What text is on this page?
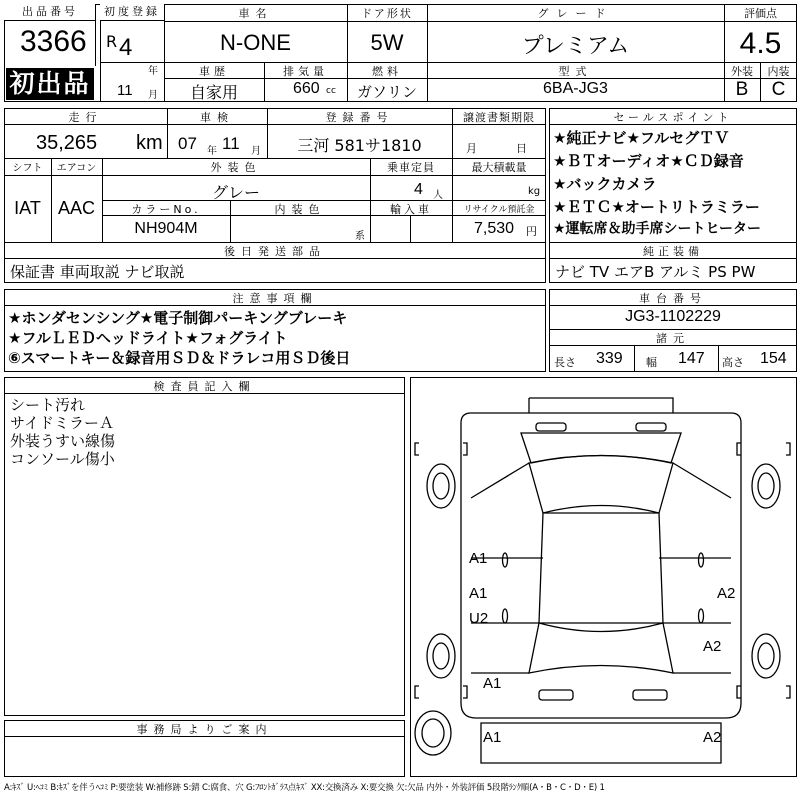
出品番号
3366
初出品
初度登録
R 4
年
11 月
車名
N-ONE
ドア形状
5W
グレード
プレミアム
車歴
自家用
排気量
660 cc
燃料
ガソリン
型式
6BA-JG3
評価点
4.5
外装	内装
B	C
走行
35,265 km
車検
07 年 11 月
登録番号
三河 581サ1810
譲渡書類期限
月	日
シフト	エアコン
IAT AAC
外装色
グレー
乗車定員
4 人
最大積載量
kg
カラーNo.
NH904M
内装色
系
輸入車	リサイクル預託金
7,530 円
後日発送部品
保証書 車両取説 ナビ取説
セールスポイント
★純正ナビ★フルセグＴＶ
★ＢＴオーディオ★ＣＤ録音
★バックカメラ
★ＥＴＣ★オートリトラミラー
★運転席＆助手席シートヒーター
純正装備
ナビ TV エアB アルミ PS PW
注意事項欄
★ホンダセンシング★電子制御パーキングブレーキ
★フルＬＥＤヘッドライト★フォグライト
⑥スマートキー＆録音用ＳＤ＆ドラレコ用ＳＤ後日
車台番号
JG3-1102229
諸元
長さ 339 幅 147 高さ 154
検査員記入欄
シート汚れ
サイドミラーＡ
外装うすい線傷
コンソール傷小
事務局よりご案内
A1
A1
U2
A2
A2
A1
A1	A2
A:ｷｽﾞ U:ﾍｺﾐ B:ｷｽﾞを伴うﾍｺﾐ P:要塗装 W:補修跡 S:錆 C:腐食、穴 G:ﾌﾛﾝﾄｶﾞﾗｽ点ｷｽﾞ XX:交換済み X:要交換 欠:欠品 内外・外装評価 5段階ﾗﾝｸ順(A・B・C・D・E) 1
